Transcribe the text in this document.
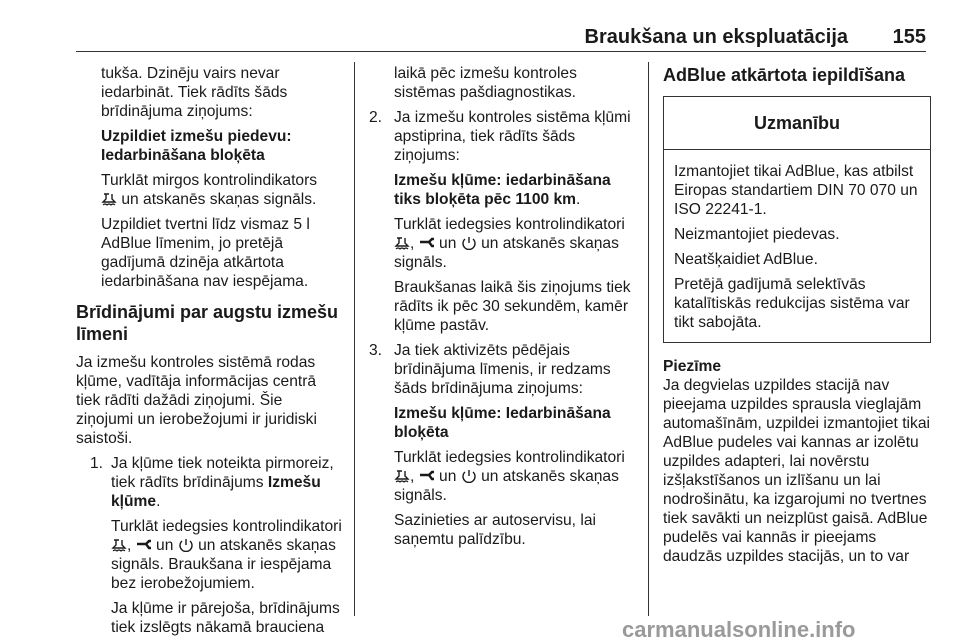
Braukšana un ekspluatācija 155

tukša. Dzinēju vairs nevar iedarbināt. Tiek rādīts šāds brīdinājuma ziņojums:

Uzpildiet izmešu piedevu:
Iedarbināšana bloķēta

Turklāt mirgos kontrolindikators
un atskanēs skaņas signāls.

Uzpildiet tvertni līdz vismaz 5 l AdBlue līmenim, jo pretējā gadījumā dzinēja atkārtota iedarbināšana nav iespējama.

Brīdinājumi par augstu izmešu līmeni

Ja izmešu kontroles sistēmā rodas kļūme, vadītāja informācijas centrā tiek rādīti dažādi ziņojumi. Šie ziņojumi un ierobežojumi ir juridiski saistoši.

1. Ja kļūme tiek noteikta pirmoreiz, tiek rādīts brīdinājums Izmešu kļūme.

Turklāt iedegsies kontrolindikatori
,  un un atskanēs skaņas signāls. Braukšana ir iespējama bez ierobežojumiem.

Ja kļūme ir pārejoša, brīdinājums tiek izslēgts nākamā brauciena

laikā pēc izmešu kontroles sistēmas pašdiagnostikas.

2. Ja izmešu kontroles sistēma kļūmi apstiprina, tiek rādīts šāds ziņojums:

Izmešu kļūme: iedarbināšana tiks bloķēta pēc 1100 km.

Turklāt iedegsies kontrolindikatori
,  un un atskanēs skaņas signāls.

Braukšanas laikā šis ziņojums tiek rādīts ik pēc 30 sekundēm, kamēr kļūme pastāv.

3. Ja tiek aktivizēts pēdējais brīdinājuma līmenis, ir redzams šāds brīdinājuma ziņojums:

Izmešu kļūme: Iedarbināšana bloķēta

Turklāt iedegsies kontrolindikatori
,  un un atskanēs skaņas signāls.

Sazinieties ar autoservisu, lai saņemtu palīdzību.

AdBlue atkārtota iepildīšana

Uzmanību

Izmantojiet tikai AdBlue, kas atbilst Eiropas standartiem DIN 70 070 un ISO 22241-1.

Neizmantojiet piedevas.

Neatšķaidiet AdBlue.

Pretējā gadījumā selektīvās katalītiskās redukcijas sistēma var tikt sabojāta.

Piezīme

Ja degvielas uzpildes stacijā nav pieejama uzpildes sprausla vieglajām automašīnām, uzpildei izmantojiet tikai AdBlue pudeles vai kannas ar izolētu uzpildes adapteri, lai novērstu izšļakstīšanos un izlīšanu un lai nodrošinātu, ka izgarojumi no tvertnes tiek savākti un neizplūst gaisā. AdBlue pudelēs vai kannās ir pieejams daudzās uzpildes stacijās, un to var

carmanualsonline.info
